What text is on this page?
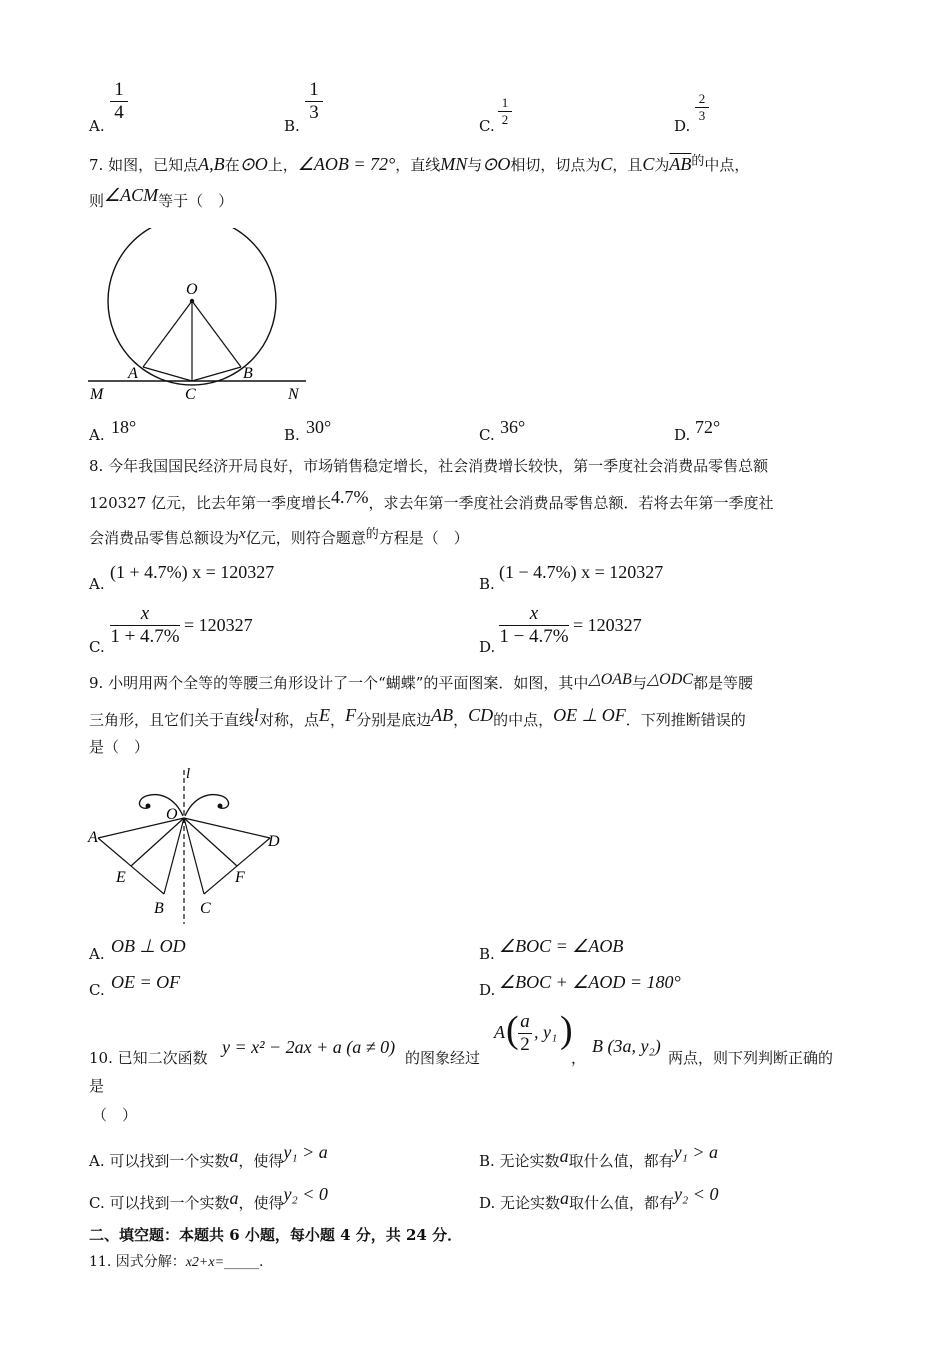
A.
1
4
B.
1
3
C.
1
2	D.
2
3
7. 如图，已知点A,B在⊙O上，∠AOB = 72°，直线MN与⊙O相切，切点为C，且C为$\overline{AB}$的中点，
则∠ACM等于（　）
O
A	B
C
M	N
A. 18°	B. 30°	C. 36°	D. 72°
8. 今年我国国民经济开局良好，市场销售稳定增长，社会消费增长较快，第一季度社会消费品零售总额
120327 亿元，比去年第一季度增长4.7%，求去年第一季度社会消费品零售总额．若将去年第一季度社
会消费品零售总额设为x亿元，则符合题意的方程是（　）
A.
(1 + 4.7%) x = 120327
B.
(1 − 4.7%) x = 120327
C.
x
1 + 4.7%
= 120327
D.
x
1 − 4.7%
= 120327
9. 小明用两个全等的等腰三角形设计了一个“蝴蝶”的平面图案．如图，其中△OAB与△ODC都是等腰
三角形，且它们关于直线l对称，点E，F分别是底边AB，CD的中点，OE ⊥ OF．下列推断错误的
是（　）
l
O
A	D
E	F
B C
A. OB ⊥ OD	B. ∠BOC = ∠AOB
C. OE = OF	D. ∠BOC + ∠AOD = 180°
10. 已知二次函数
y = x² − 2ax + a (a ≠ 0)
的图象经过
A ( a
2
, y₁ )
，
B (3a, y₂)
两点，则下列判断正确的
是
（　）
A. 可以找到一个实数a，使得y₁ > a	B. 无论实数a取什么值，都有y₁ > a
C. 可以找到一个实数a，使得y₂ < 0	D. 无论实数a取什么值，都有y₂ < 0
二、填空题：本题共 6 小题，每小题 4 分，共 24 分．
11. 因式分解：x2+x=_____.
